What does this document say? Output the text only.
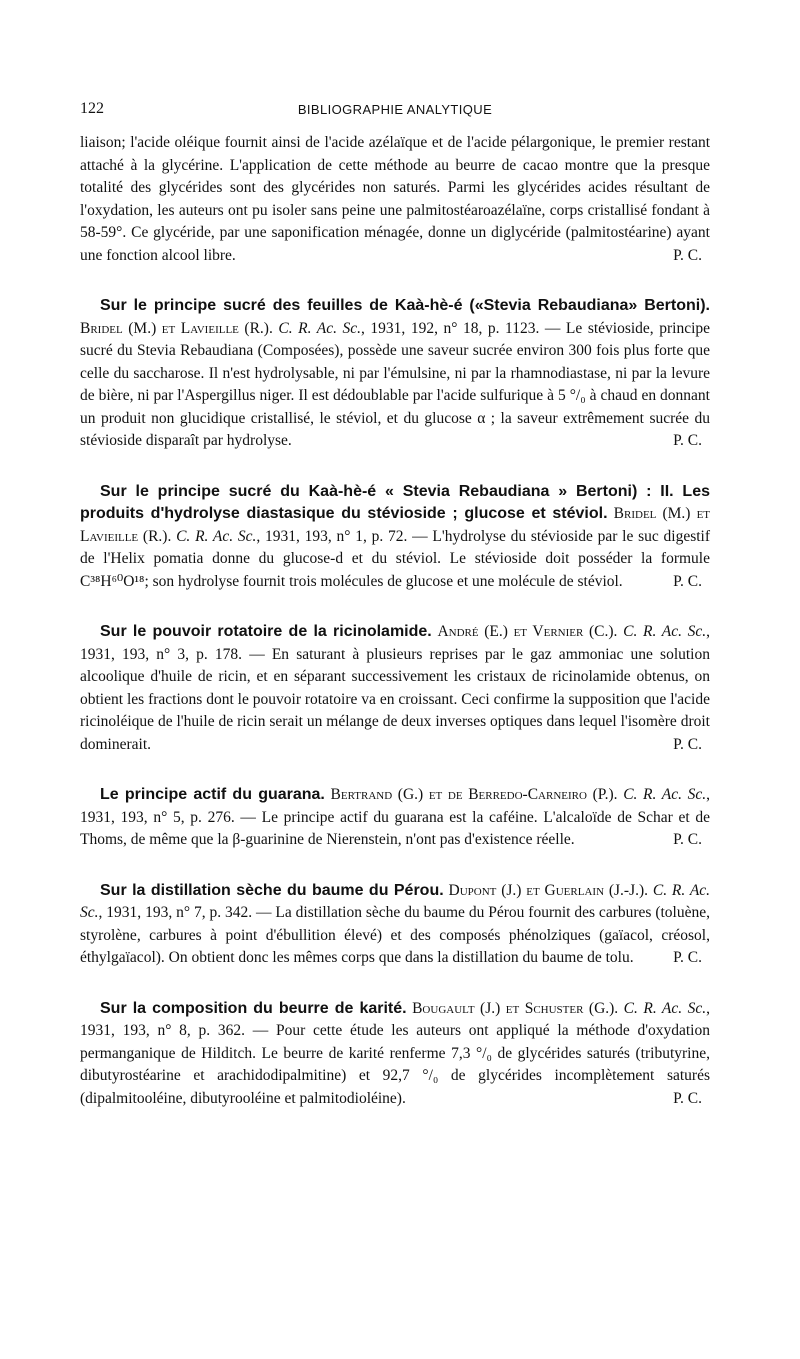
122	BIBLIOGRAPHIE ANALYTIQUE

liaison; l'acide oléique fournit ainsi de l'acide azélaïque et de l'acide pélargonique, le premier restant attaché à la glycérine. L'application de cette méthode au beurre de cacao montre que la presque totalité des glycérides sont des glycérides non saturés. Parmi les glycérides acides résultant de l'oxydation, les auteurs ont pu isoler sans peine une palmitostéaroazélaïne, corps cristallisé fondant à 58-59°. Ce glycéride, par une saponification ménagée, donne un diglycéride (palmitostéarine) ayant une fonction alcool libre.	P. C.

Sur le principe sucré des feuilles de Kaà-hè-é («Stevia Rebaudiana» Bertoni). Bridel (M.) et Lavieille (R.). C. R. Ac. Sc., 1931, 192, n° 18, p. 1123. — Le stévioside, principe sucré du Stevia Rebaudiana (Composées), possède une saveur sucrée environ 300 fois plus forte que celle du saccharose. Il n'est hydrolysable, ni par l'émulsine, ni par la rhamnodiastase, ni par la levure de bière, ni par l'Aspergillus niger. Il est dédoublable par l'acide sulfurique à 5 °/₀ à chaud en donnant un produit non glucidique cristallisé, le stéviol, et du glucose α ; la saveur extrêmement sucrée du stévioside disparaît par hydrolyse.	P. C.

Sur le principe sucré du Kaà-hè-é « Stevia Rebaudiana » Bertoni) : II. Les produits d'hydrolyse diastasique du stévioside ; glucose et stéviol. Bridel (M.) et Lavieille (R.). C. R. Ac. Sc., 1931, 193, n° 1, p. 72. — L'hydrolyse du stévioside par le suc digestif de l'Helix pomatia donne du glucose-d et du stéviol. Le stévioside doit posséder la formule C³⁸H⁶⁰O¹⁸; son hydrolyse fournit trois molécules de glucose et une molécule de stéviol.	P. C.

Sur le pouvoir rotatoire de la ricinolamide. André (E.) et Vernier (C.). C. R. Ac. Sc., 1931, 193, n° 3, p. 178. — En saturant à plusieurs reprises par le gaz ammoniac une solution alcoolique d'huile de ricin, et en séparant successivement les cristaux de ricinolamide obtenus, on obtient les fractions dont le pouvoir rotatoire va en croissant. Ceci confirme la supposition que l'acide ricinoléique de l'huile de ricin serait un mélange de deux inverses optiques dans lequel l'isomère droit dominerait.	P. C.

Le principe actif du guarana. Bertrand (G.) et de Berredo-Carneiro (P.). C. R. Ac. Sc., 1931, 193, n° 5, p. 276. — Le principe actif du guarana est la caféine. L'alcaloïde de Schar et de Thoms, de même que la β-guarinine de Nierenstein, n'ont pas d'existence réelle.	P. C.

Sur la distillation sèche du baume du Pérou. Dupont (J.) et Guerlain (J.-J.). C. R. Ac. Sc., 1931, 193, n° 7, p. 342. — La distillation sèche du baume du Pérou fournit des carbures (toluène, styrolène, carbures à point d'ébullition élevé) et des composés phénolziques (gaïacol, créosol, éthylgaïacol). On obtient donc les mêmes corps que dans la distillation du baume de tolu.	P. C.

Sur la composition du beurre de karité. Bougault (J.) et Schuster (G.). C. R. Ac. Sc., 1931, 193, n° 8, p. 362. — Pour cette étude les auteurs ont appliqué la méthode d'oxydation permanganique de Hilditch. Le beurre de karité renferme 7,3 °/₀ de glycérides saturés (tributyrine, dibutyrostéarine et arachidodipalmitine) et 92,7 °/₀ de glycérides incomplètement saturés (dipalmitooléine, dibutyrooléine et palmitodioléine).	P. C.
